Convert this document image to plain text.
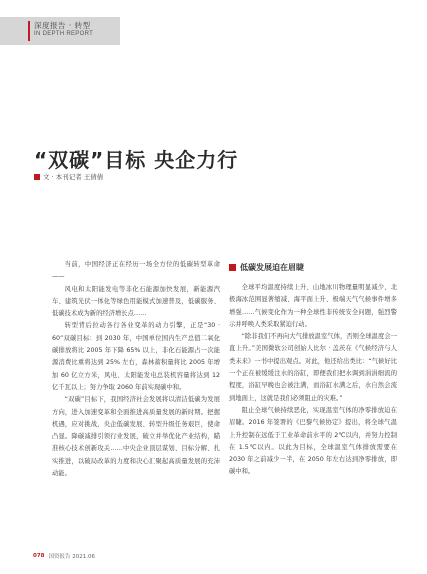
深度报告 · 转型
IN DEPTH REPORT
“双碳”目标 央企力行
文 · 本刊记者 王倩倩

当前，中国经济正在经历一场全方位的低碳转型革命——

风电和太阳能发电等非化石能源加快发展，新能源汽车、建筑光伏一体化等绿色用能模式加速普及，低碳服务、低碳技术成为新的经济增长点……

转型背后拉动各行各业变革的动力引擎，正是“30 · 60”双碳目标：到 2030 年，中国单位国内生产总值二氧化碳排放将比 2005 年下降 65% 以上，非化石能源占一次能源消费比重将达到 25% 左右，森林蓄积量将比 2005 年增加 60 亿立方米，风电、太阳能发电总装机容量将达到 12 亿千瓦以上；努力争取 2060 年前实现碳中和。

“双碳”目标下，我国经济社会发展将以清洁低碳为发展方向，进入加速变革和全面推进高质量发展的新时期。把握机遇，应对挑战，央企低碳发展、转型升级任务艰巨，使命凸显。降碳减排引领行业发展，破立并举优化产业结构，瞄准核心技术创新攻关……中央企业顶层谋划、目标分解、扎实推进，以破局改革的力度和决心汇聚起高质量发展的充沛动能。

低碳发展迫在眉睫

全球平均温度持续上升、山地冰川物理量明显减少、北极海冰范围显著缩减、海平面上升、极端天气气候事件增多增强……气候变化作为一种全球性非传统安全问题，强烈警示并呼唤人类采取紧迫行动。

“除非我们不再向大气排放温室气体，否则全球温度会一直上升。”美国微软公司创始人比尔 · 盖茨在《气候经济与人类未来》一书中提出观点。对此，他还给出类比：“气候好比一个正在被缓缓注水的浴缸，即便我们把水调到涓涓细流的程度，浴缸早晚也会被注满，而浴缸水满之后，水自然会流到地面上，这就是我们必须阻止的灾难。”

阻止全球气候持续恶化，实现温室气体的净零排放迫在眉睫。2016 年签署的《巴黎气候协定》提出，将全球气温上升控制在远低于工业革命前水平的 2℃以内，并努力控制在 1.5℃以内。以此为目标，全球温室气体排放需要在 2030 年之前减少一半，在 2050 年左右达到净零排放，即碳中和。

078 国资报告 2021.06
